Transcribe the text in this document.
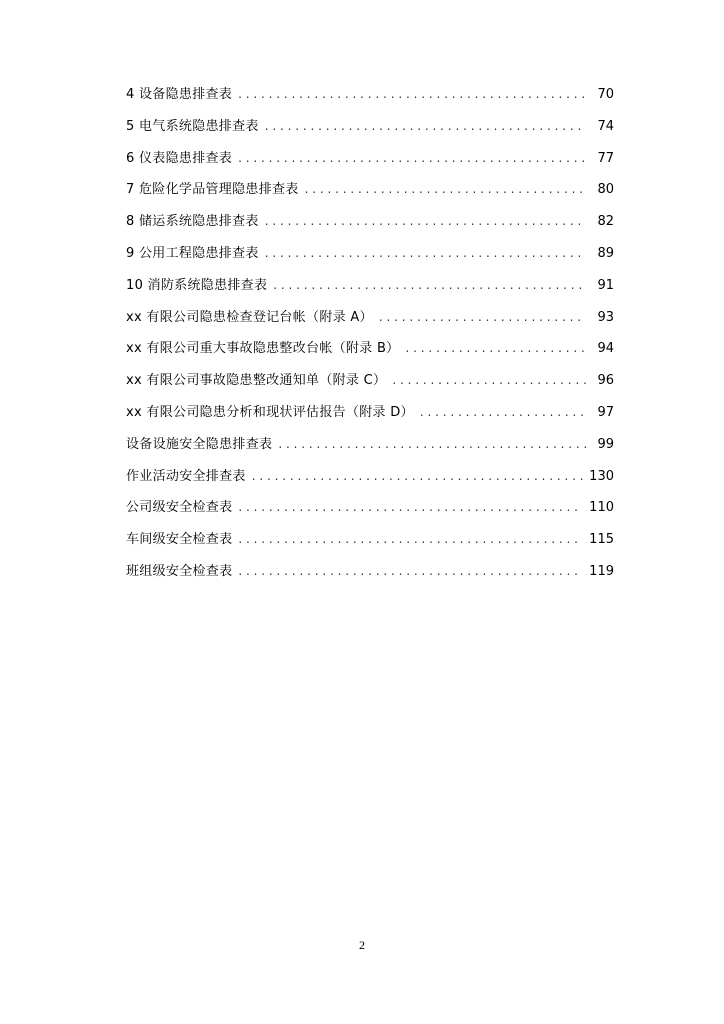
4 设备隐患排查表 . . .	70
5 电气系统隐患排查表 . . .	74
6 仪表隐患排查表 . . .	77
7 危险化学品管理隐患排查表 . . .	80
8 储运系统隐患排查表 . . .	82
9 公用工程隐患排查表 . . .	89
10 消防系统隐患排查表 . . .	91
xx 有限公司隐患检查登记台帐（附录 A） . . .	93
xx 有限公司重大事故隐患整改台帐（附录 B） . . .	94
xx 有限公司事故隐患整改通知单（附录 C） . . .	96
xx 有限公司隐患分析和现状评估报告（附录 D） . . .	97
设备设施安全隐患排查表 . . .	99
作业活动安全排查表 . . .	130
公司级安全检查表 . . .	110
车间级安全检查表 . . .	115
班组级安全检查表 . . .	119
2
